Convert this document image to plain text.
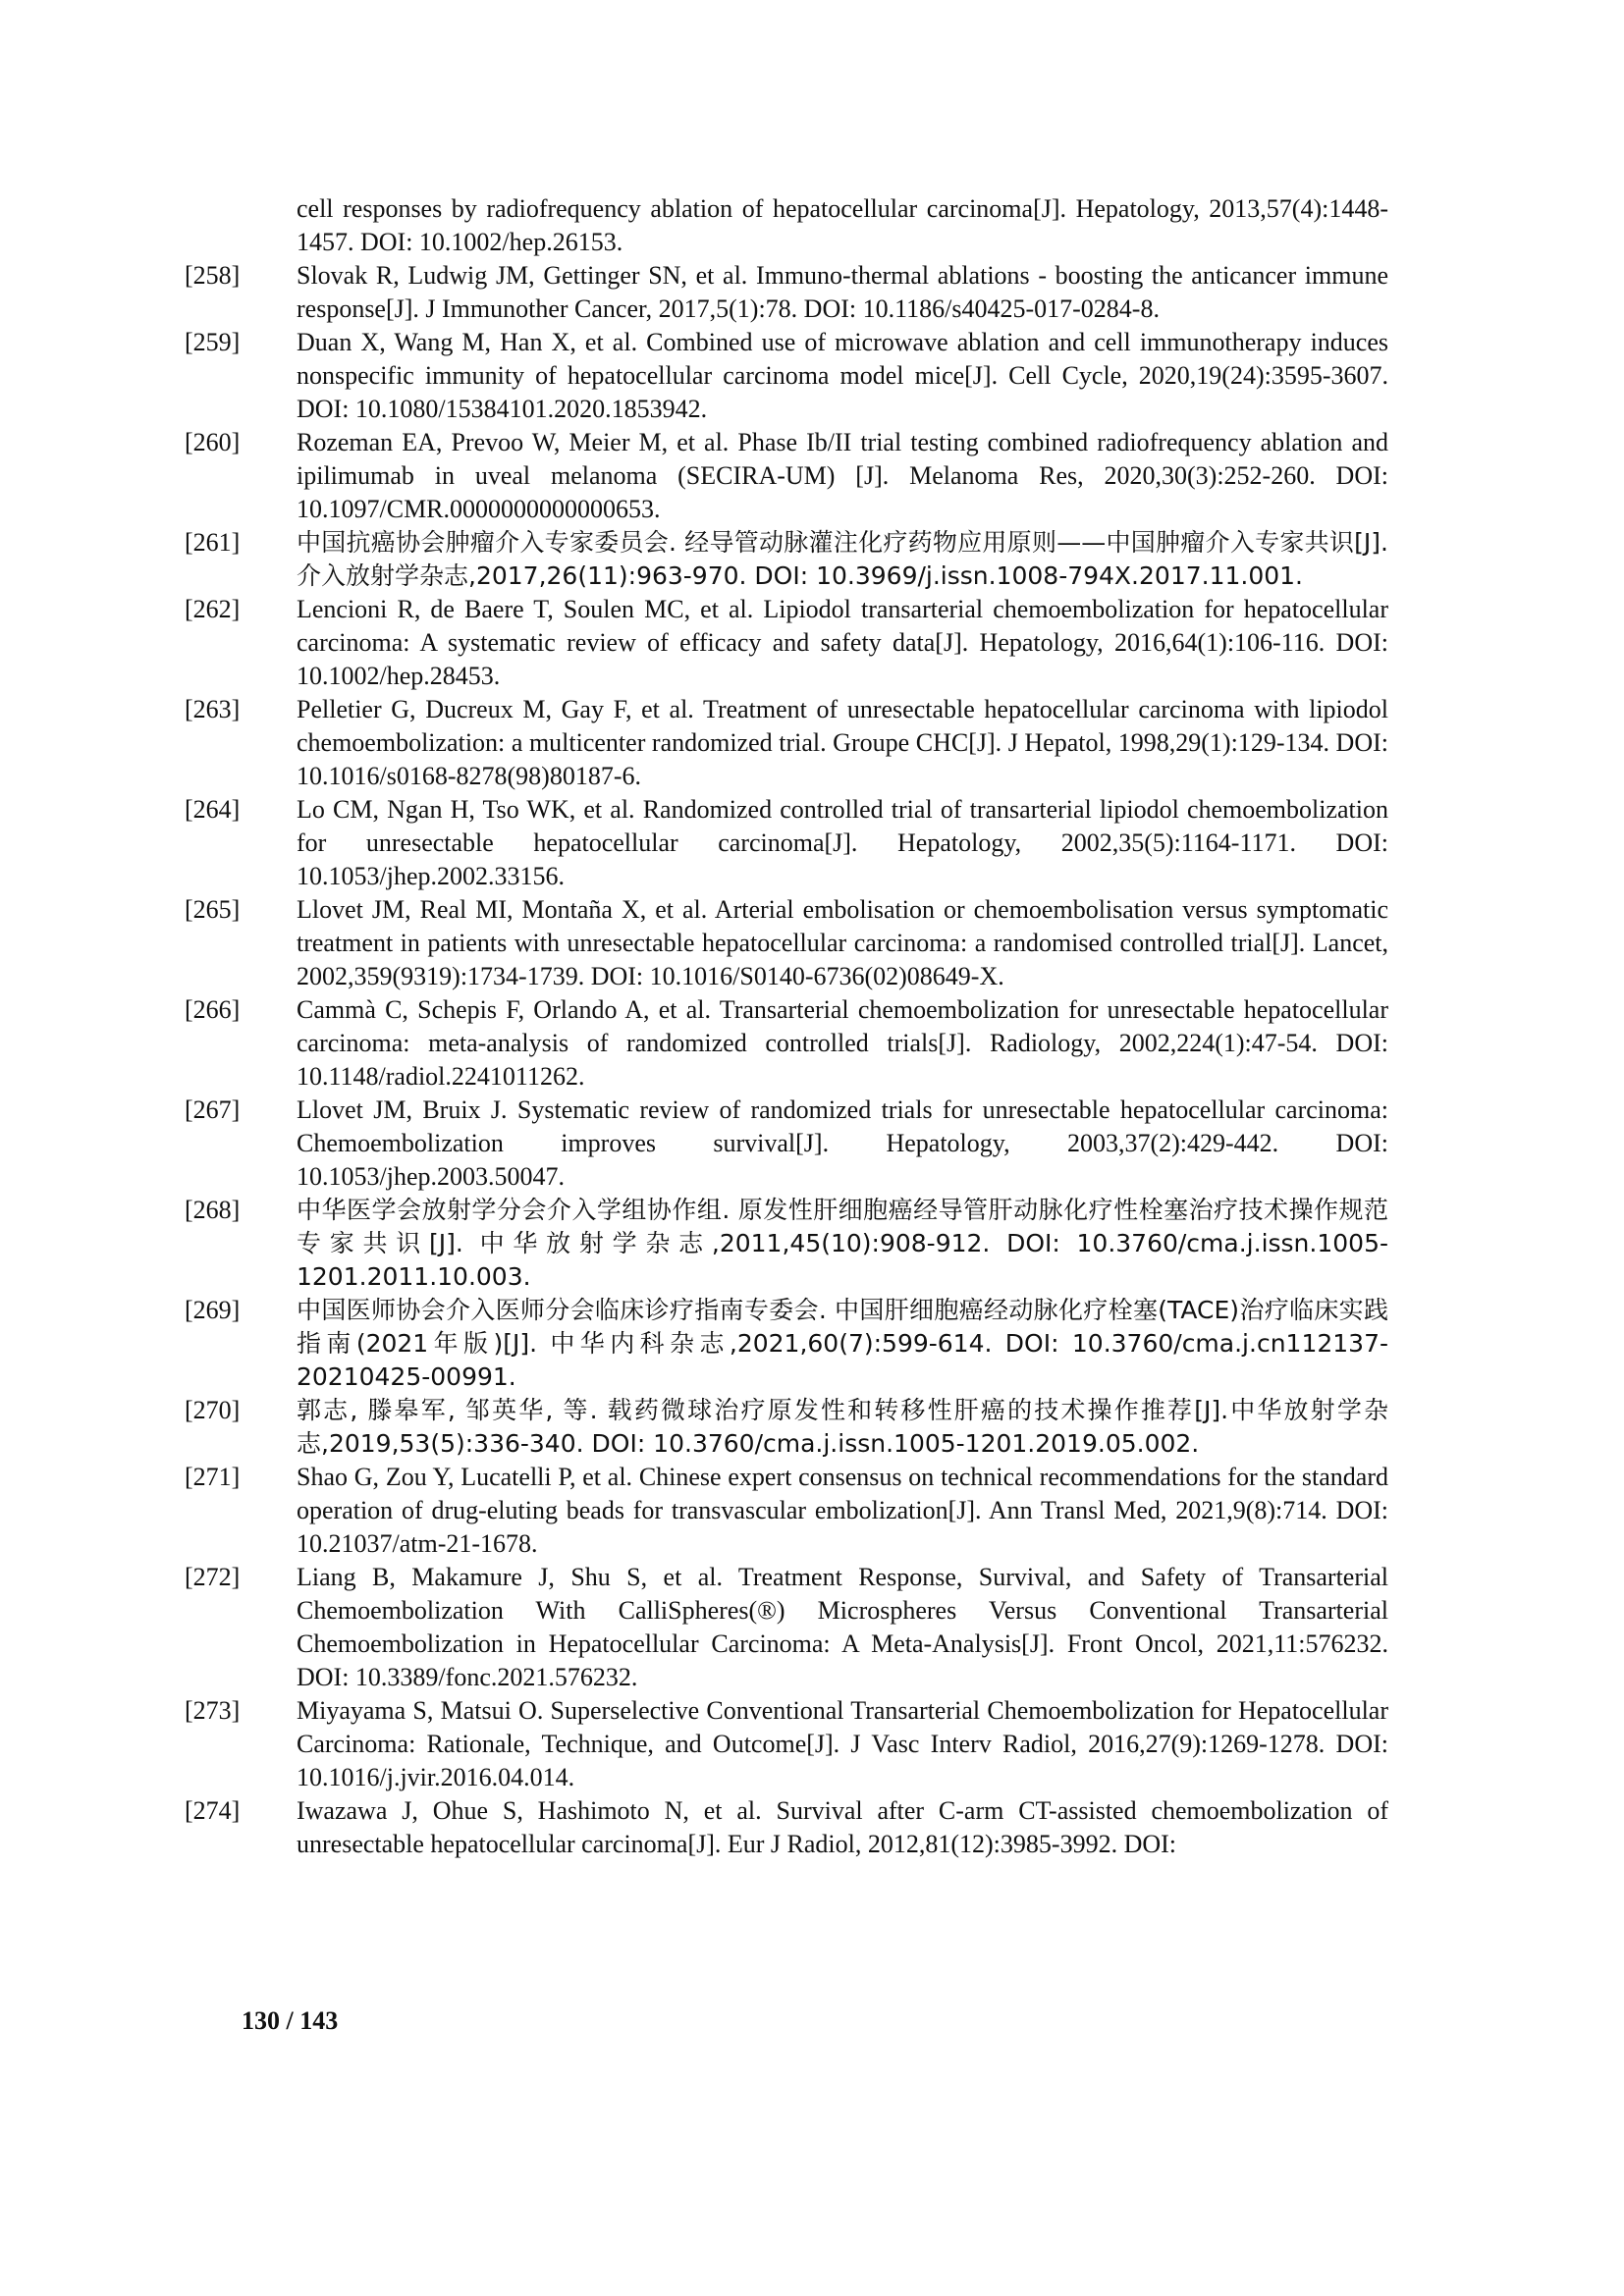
cell responses by radiofrequency ablation of hepatocellular carcinoma[J]. Hepatology, 2013,57(4):1448-1457. DOI: 10.1002/hep.26153.
[258]	Slovak R, Ludwig JM, Gettinger SN, et al. Immuno-thermal ablations - boosting the anticancer immune response[J]. J Immunother Cancer, 2017,5(1):78. DOI: 10.1186/s40425-017-0284-8.
[259]	Duan X, Wang M, Han X, et al. Combined use of microwave ablation and cell immunotherapy induces nonspecific immunity of hepatocellular carcinoma model mice[J]. Cell Cycle, 2020,19(24):3595-3607. DOI: 10.1080/15384101.2020.1853942.
[260]	Rozeman EA, Prevoo W, Meier M, et al. Phase Ib/II trial testing combined radiofrequency ablation and ipilimumab in uveal melanoma (SECIRA-UM) [J]. Melanoma Res, 2020,30(3):252-260. DOI: 10.1097/CMR.0000000000000653.
[261]	中国抗癌协会肿瘤介入专家委员会. 经导管动脉灌注化疗药物应用原则——中国肿瘤介入专家共识[J]. 介入放射学杂志,2017,26(11):963-970. DOI: 10.3969/j.issn.1008-794X.2017.11.001.
[262]	Lencioni R, de Baere T, Soulen MC, et al. Lipiodol transarterial chemoembolization for hepatocellular carcinoma: A systematic review of efficacy and safety data[J]. Hepatology, 2016,64(1):106-116. DOI: 10.1002/hep.28453.
[263]	Pelletier G, Ducreux M, Gay F, et al. Treatment of unresectable hepatocellular carcinoma with lipiodol chemoembolization: a multicenter randomized trial. Groupe CHC[J]. J Hepatol, 1998,29(1):129-134. DOI: 10.1016/s0168-8278(98)80187-6.
[264]	Lo CM, Ngan H, Tso WK, et al. Randomized controlled trial of transarterial lipiodol chemoembolization for unresectable hepatocellular carcinoma[J]. Hepatology, 2002,35(5):1164-1171. DOI: 10.1053/jhep.2002.33156.
[265]	Llovet JM, Real MI, Montaña X, et al. Arterial embolisation or chemoembolisation versus symptomatic treatment in patients with unresectable hepatocellular carcinoma: a randomised controlled trial[J]. Lancet, 2002,359(9319):1734-1739. DOI: 10.1016/S0140-6736(02)08649-X.
[266]	Cammà C, Schepis F, Orlando A, et al. Transarterial chemoembolization for unresectable hepatocellular carcinoma: meta-analysis of randomized controlled trials[J]. Radiology, 2002,224(1):47-54. DOI: 10.1148/radiol.2241011262.
[267]	Llovet JM, Bruix J. Systematic review of randomized trials for unresectable hepatocellular carcinoma: Chemoembolization improves survival[J]. Hepatology, 2003,37(2):429-442. DOI: 10.1053/jhep.2003.50047.
[268]	中华医学会放射学分会介入学组协作组. 原发性肝细胞癌经导管肝动脉化疗性栓塞治疗技术操作规范专家共识[J]. 中华放射学杂志,2011,45(10):908-912. DOI: 10.3760/cma.j.issn.1005-1201.2011.10.003.
[269]	中国医师协会介入医师分会临床诊疗指南专委会. 中国肝细胞癌经动脉化疗栓塞(TACE)治疗临床实践指南(2021年版)[J]. 中华内科杂志,2021,60(7):599-614. DOI: 10.3760/cma.j.cn112137-20210425-00991.
[270]	郭志, 滕皋军, 邹英华, 等. 载药微球治疗原发性和转移性肝癌的技术操作推荐[J].中华放射学杂志,2019,53(5):336-340. DOI: 10.3760/cma.j.issn.1005-1201.2019.05.002.
[271]	Shao G, Zou Y, Lucatelli P, et al. Chinese expert consensus on technical recommendations for the standard operation of drug-eluting beads for transvascular embolization[J]. Ann Transl Med, 2021,9(8):714. DOI: 10.21037/atm-21-1678.
[272]	Liang B, Makamure J, Shu S, et al. Treatment Response, Survival, and Safety of Transarterial Chemoembolization With CalliSpheres(®) Microspheres Versus Conventional Transarterial Chemoembolization in Hepatocellular Carcinoma: A Meta-Analysis[J]. Front Oncol, 2021,11:576232. DOI: 10.3389/fonc.2021.576232.
[273]	Miyayama S, Matsui O. Superselective Conventional Transarterial Chemoembolization for Hepatocellular Carcinoma: Rationale, Technique, and Outcome[J]. J Vasc Interv Radiol, 2016,27(9):1269-1278. DOI: 10.1016/j.jvir.2016.04.014.
[274]	Iwazawa J, Ohue S, Hashimoto N, et al. Survival after C-arm CT-assisted chemoembolization of unresectable hepatocellular carcinoma[J]. Eur J Radiol, 2012,81(12):3985-3992. DOI:
130 / 143
